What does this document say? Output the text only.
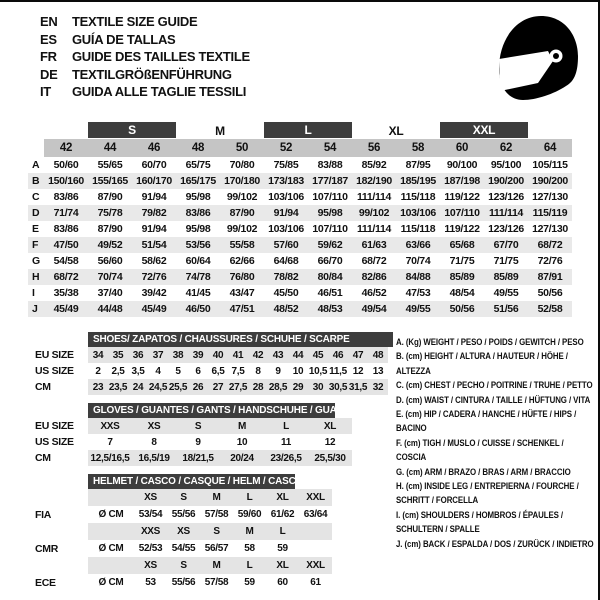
EN	TEXTILE SIZE GUIDE
ES	GUÍA DE TALLAS
FR	GUIDE DES TAILLES TEXTILE
DE	TEXTILGRÖßENFÜHRUNG
IT	GUIDA ALLE TAGLIE TESSILI
S	M	L	XL	XXL
42	44	46	48	50	52	54	56	58	60	62	64
A	50/60	55/65	60/70	65/75	70/80	75/85	83/88	85/92	87/95	90/100	95/100	105/115
B 150/160 155/165 160/170 165/175 170/180 173/183 177/187 182/190 185/195 187/198 190/200 190/200
C	83/86	87/90	91/94	95/98	99/102	103/106 107/110 111/114 115/118 119/122 123/126 127/130
D	71/74	75/78	79/82	83/86	87/90	91/94	95/98	99/102	103/106 107/110 111/114 115/119
E	83/86	87/90	91/94	95/98	99/102	103/106 107/110 111/114 115/118 119/122 123/126 127/130
F	47/50	49/52	51/54	53/56	55/58	57/60	59/62	61/63	63/66	65/68	67/70	68/72
G	54/58	56/60	58/62	60/64	62/66	64/68	66/70	68/72	70/74	71/75	71/75	72/76
H	68/72	70/74	72/76	74/78	76/80	78/82	80/84	82/86	84/88	85/89	85/89	87/91
I	35/38	37/40	39/42	41/45	43/47	45/50	46/51	46/52	47/53	48/54	49/55	50/56
J	45/49	44/48	45/49	46/50	47/51	48/52	48/53	49/54	49/55	50/56	51/56	52/58
SHOES/ ZAPATOS / CHAUSSURES / SCHUHE / SCARPE
EU SIZE	34 35 36 37 38 39 40 41 42 43 44 45 46 47 48
US SIZE	2	2,5 3,5	4	5	6	6,5 7,5	8	9	10 10,5 11,5 12 13
CM	23 23,5 24 24,5 25,5 26 27 27,5 28 28,5 29 30 30,5 31,5 32
GLOVES / GUANTES / GANTS / HANDSCHUHE / GUANTI
EU SIZE	XXS	XS	S	M	L	XL
US SIZE	7	8	9	10	11	12
CM	12,5/16,5 16,5/19	18/21,5	20/24	23/26,5	25,5/30
HELMET / CASCO / CASQUE / HELM / CASCO
XS	S	M	L	XL	XXL
FIA	Ø CM	53/54 55/56 57/58 59/60 61/62 63/64
XXS	XS	S	M	L
CMR	Ø CM	52/53 54/55 56/57	58	59
XS	S	M	L	XL	XXL
ECE	Ø CM	53	55/56 57/58	59	60	61
A. (Kg) WEIGHT / PESO / POIDS / GEWITCH / PESO
B. (cm) HEIGHT / ALTURA / HAUTEUR / HÖHE / ALTEZZA
C. (cm) CHEST / PECHO / POITRINE / TRUHE / PETTO
D. (cm) WAIST / CINTURA / TAILLE / HÜFTUNG / VITA
E. (cm) HIP / CADERA / HANCHE / HÜFTE / HIPS / BACINO
F. (cm) TIGH / MUSLO / CUISSE / SCHENKEL / COSCIA
G. (cm) ARM / BRAZO / BRAS / ARM / BRACCIO
H. (cm) INSIDE LEG / ENTREPIERNA / FOURCHE / SCHRITT / FORCELLA
I. (cm) SHOULDERS / HOMBROS / ÉPAULES / SCHULTERN / SPALLE
J. (cm) BACK / ESPALDA / DOS / ZURÜCK / INDIETRO
